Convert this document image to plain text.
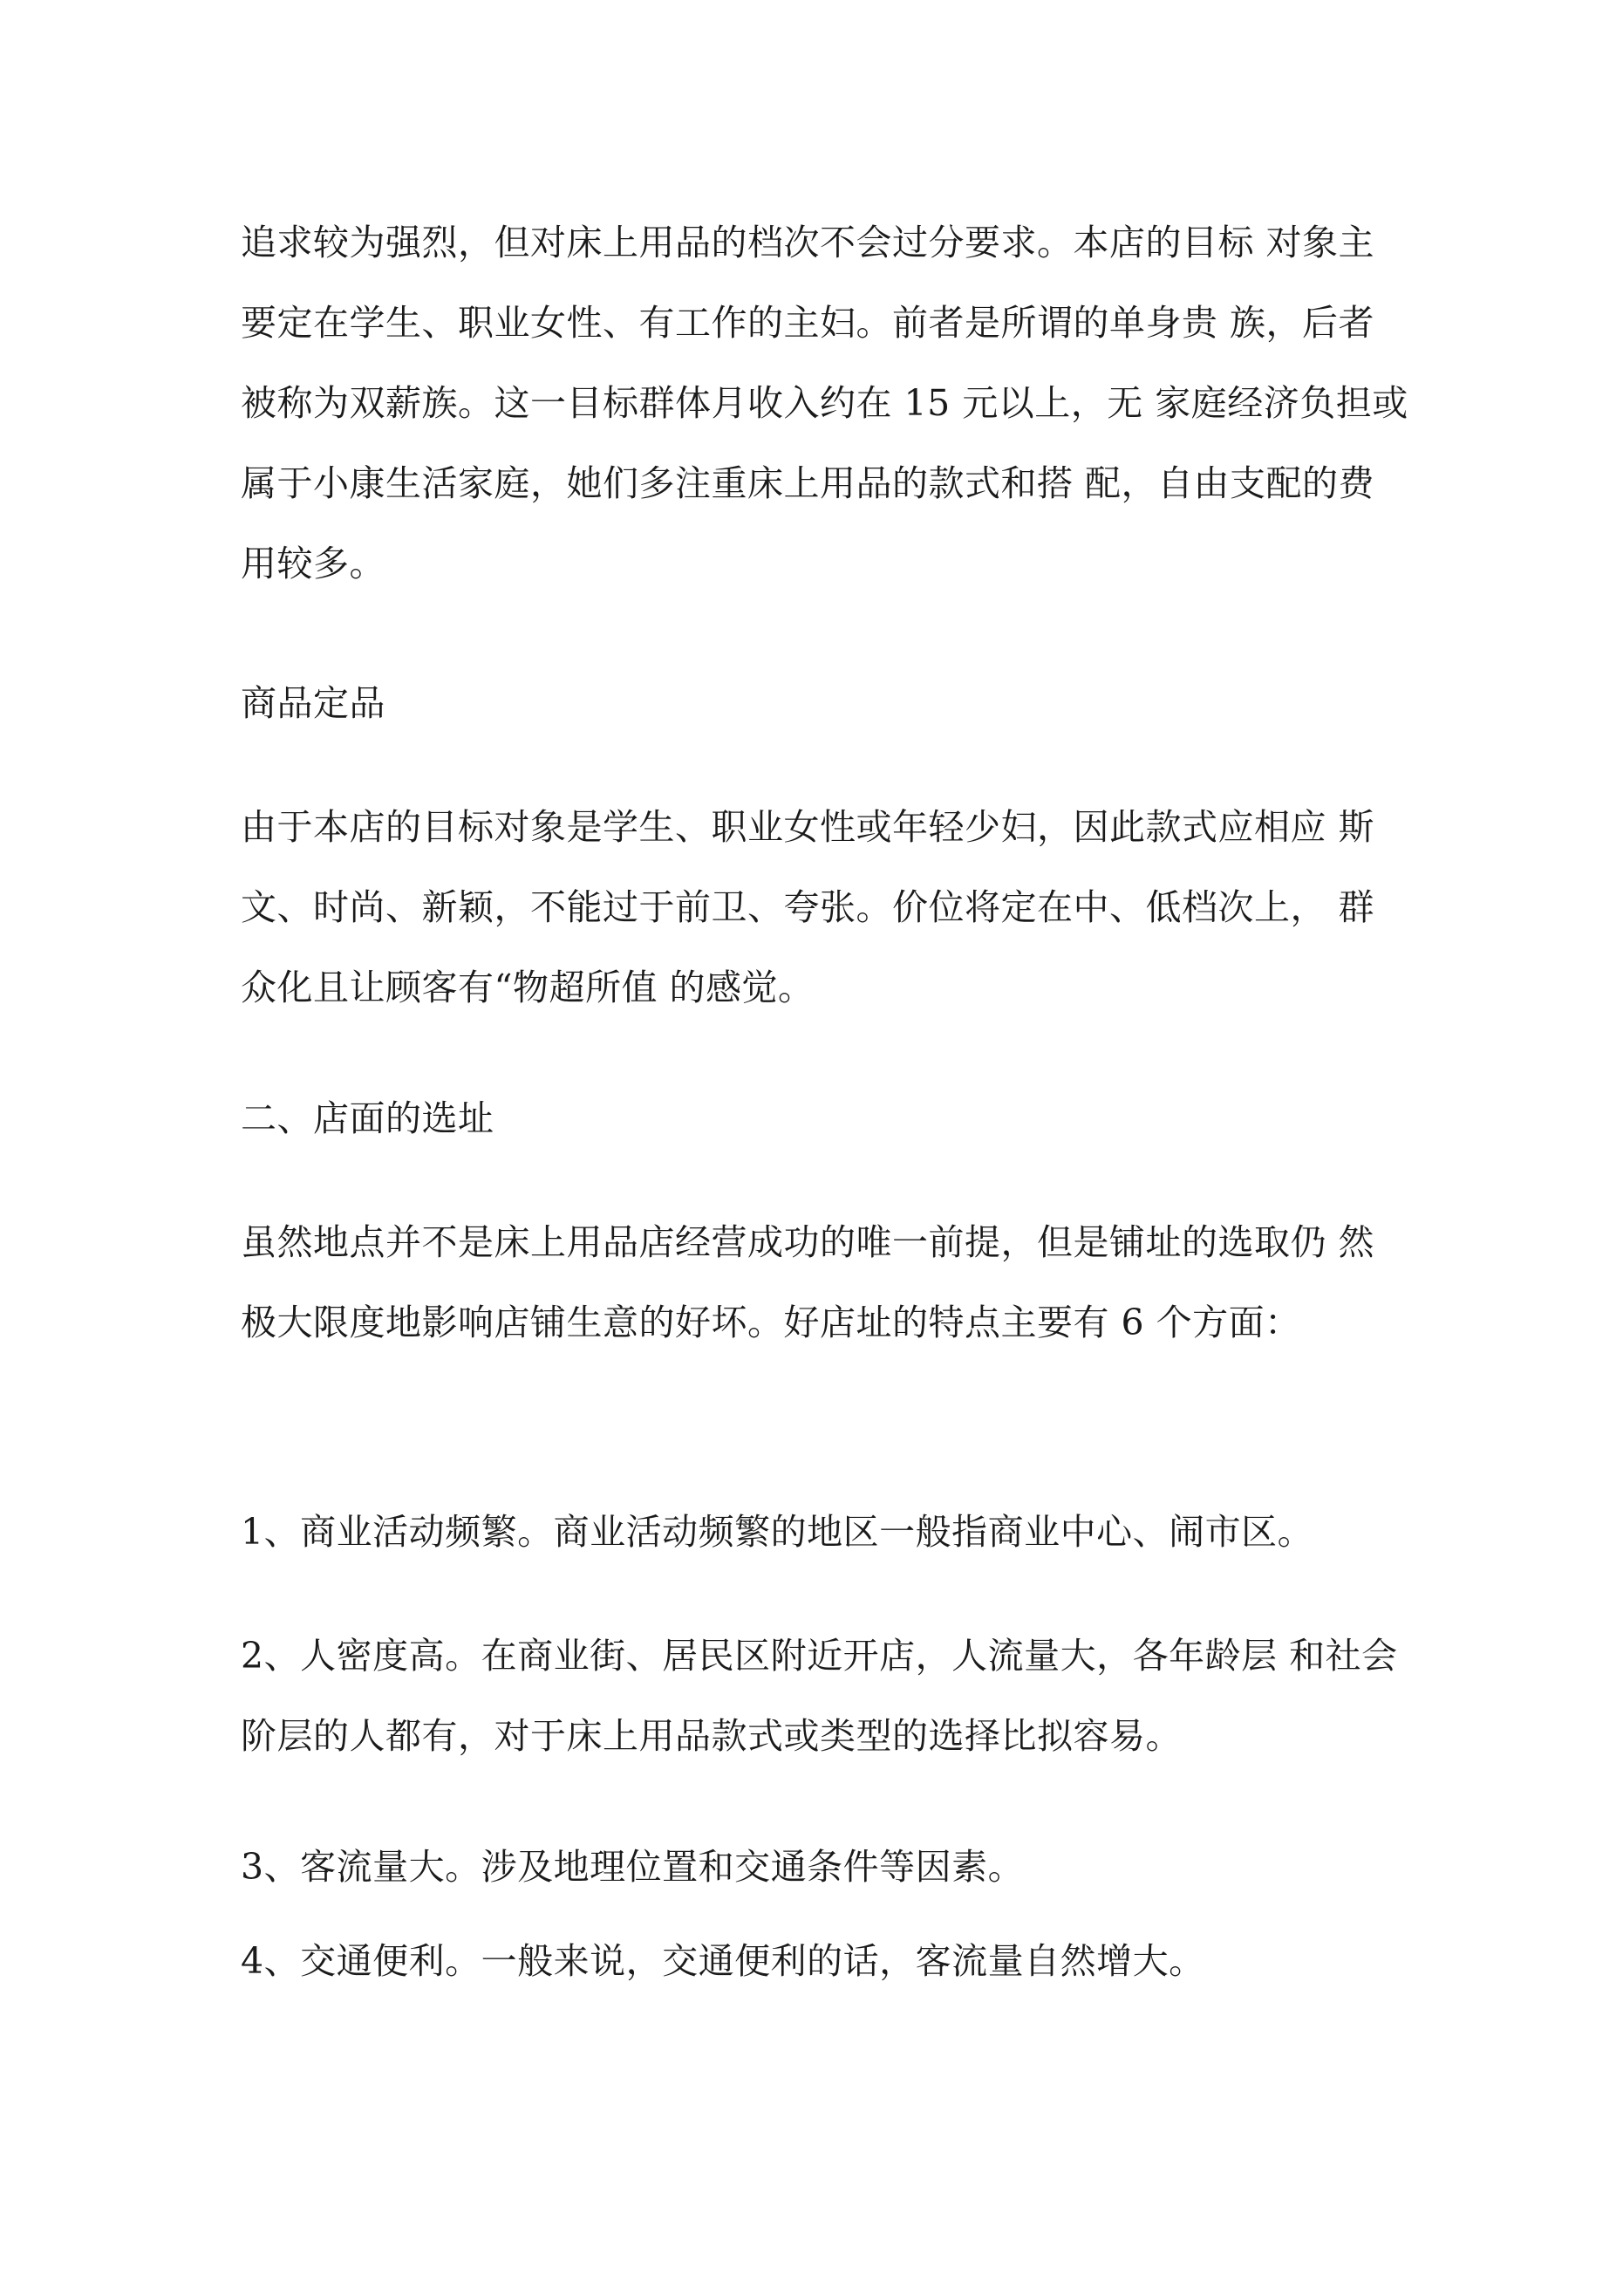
追求较为强烈，但对床上用品的档次不会过分要求。本店的目标 对象主
要定在学生、职业女性、有工作的主妇。前者是所谓的单身贵 族，后者
被称为双薪族。这一目标群体月收入约在 15 元以上，无 家庭经济负担或
属于小康生活家庭，她们多注重床上用品的款式和搭 配，自由支配的费
用较多。
商品定品
由于本店的目标对象是学生、职业女性或年轻少妇，因此款式应相应 斯
文、时尚、新颖，不能过于前卫、夸张。价位将定在中、低档次上， 群
众化且让顾客有“物超所值 的感觉。
二、店面的选址
虽然地点并不是床上用品店经营成功的唯一前提，但是铺址的选取仍 然
极大限度地影响店铺生意的好坏。好店址的特点主要有 6 个方面：
1、商业活动频繁。商业活动频繁的地区一般指商业中心、闹市区。
2、人密度高。在商业街、居民区附近开店，人流量大，各年龄层 和社会
阶层的人都有，对于床上用品款式或类型的选择比拟容易。
3、客流量大。涉及地理位置和交通条件等因素。
4、交通便利。一般来说，交通便利的话，客流量自然增大。
